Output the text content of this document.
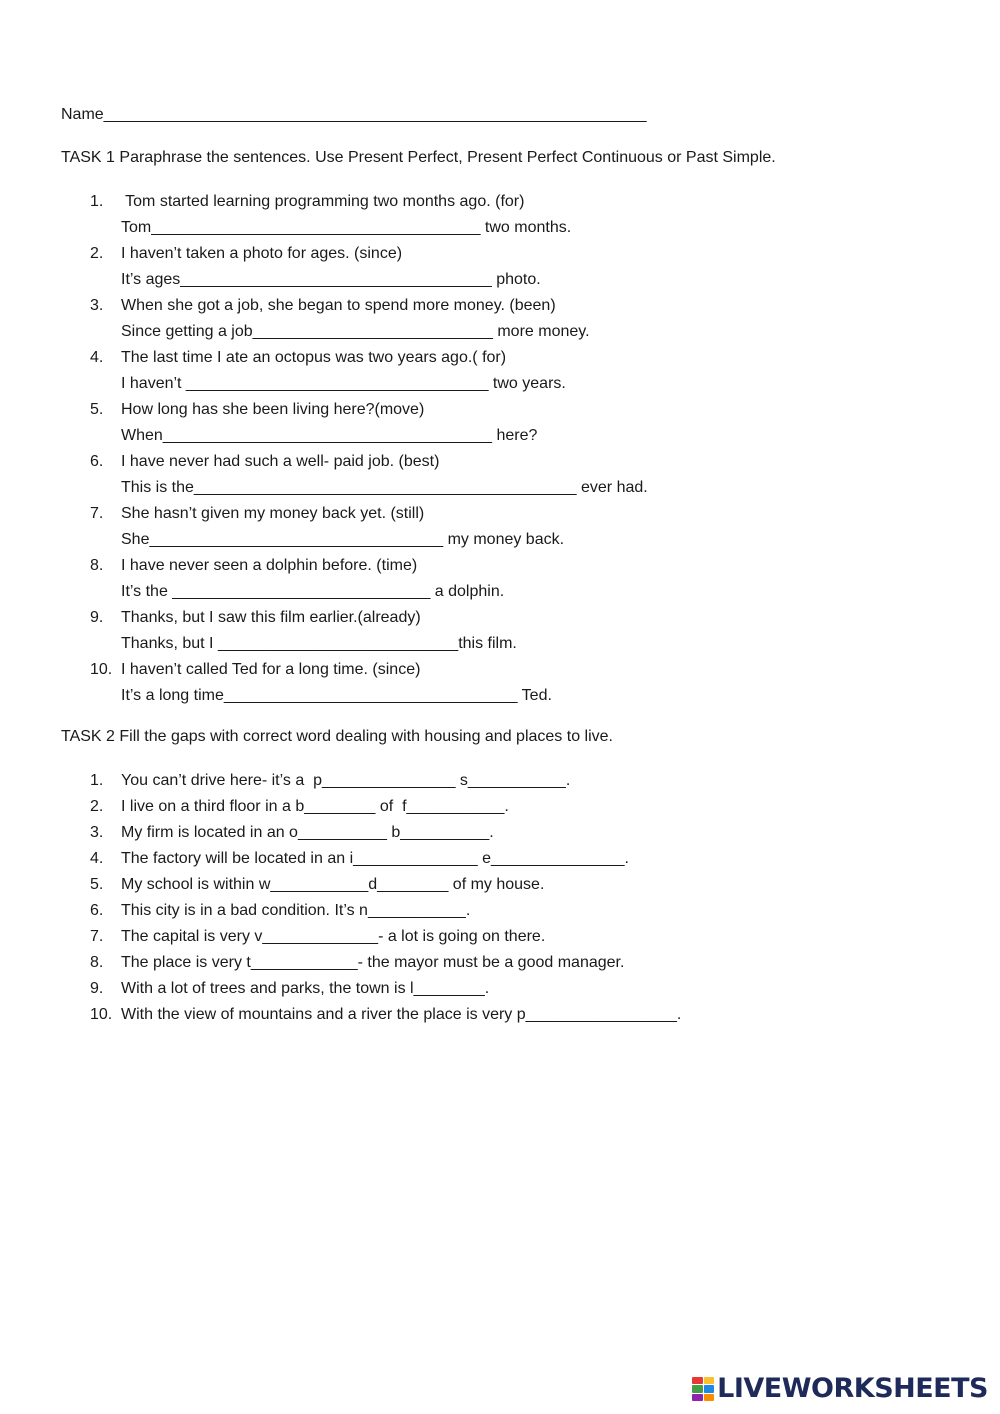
Name_____________________________________________________________
TASK 1 Paraphrase the sentences. Use Present Perfect, Present Perfect Continuous or Past Simple.
1. Tom started learning programming two months ago. (for)
Tom_____________________________________ two months.
2. I haven’t taken a photo for ages. (since)
It’s ages___________________________________ photo.
3. When she got a job, she began to spend more money. (been)
Since getting a job___________________________ more money.
4. The last time I ate an octopus was two years ago.( for)
I haven’t __________________________________ two years.
5. How long has she been living here?(move)
When_____________________________________ here?
6. I have never had such a well- paid job. (best)
This is the___________________________________________ ever had.
7. She hasn’t given my money back yet. (still)
She_________________________________ my money back.
8. I have never seen a dolphin before. (time)
It’s the _____________________________ a dolphin.
9. Thanks, but I saw this film earlier.(already)
Thanks, but I ___________________________this film.
10. I haven’t called Ted for a long time. (since)
It’s a long time_________________________________ Ted.
TASK 2 Fill the gaps with correct word dealing with housing and places to live.
1. You can’t drive here- it’s a  p_______________ s___________.
2. I live on a third floor in a b________ of  f___________.
3. My firm is located in an o__________ b__________.
4. The factory will be located in an i______________ e_______________.
5. My school is within w___________d________ of my house.
6. This city is in a bad condition. It’s n___________.
7. The capital is very v_____________- a lot is going on there.
8. The place is very t____________- the mayor must be a good manager.
9. With a lot of trees and parks, the town is l________.
10. With the view of mountains and a river the place is very p_________________.
LIVEWORKSHEETS
